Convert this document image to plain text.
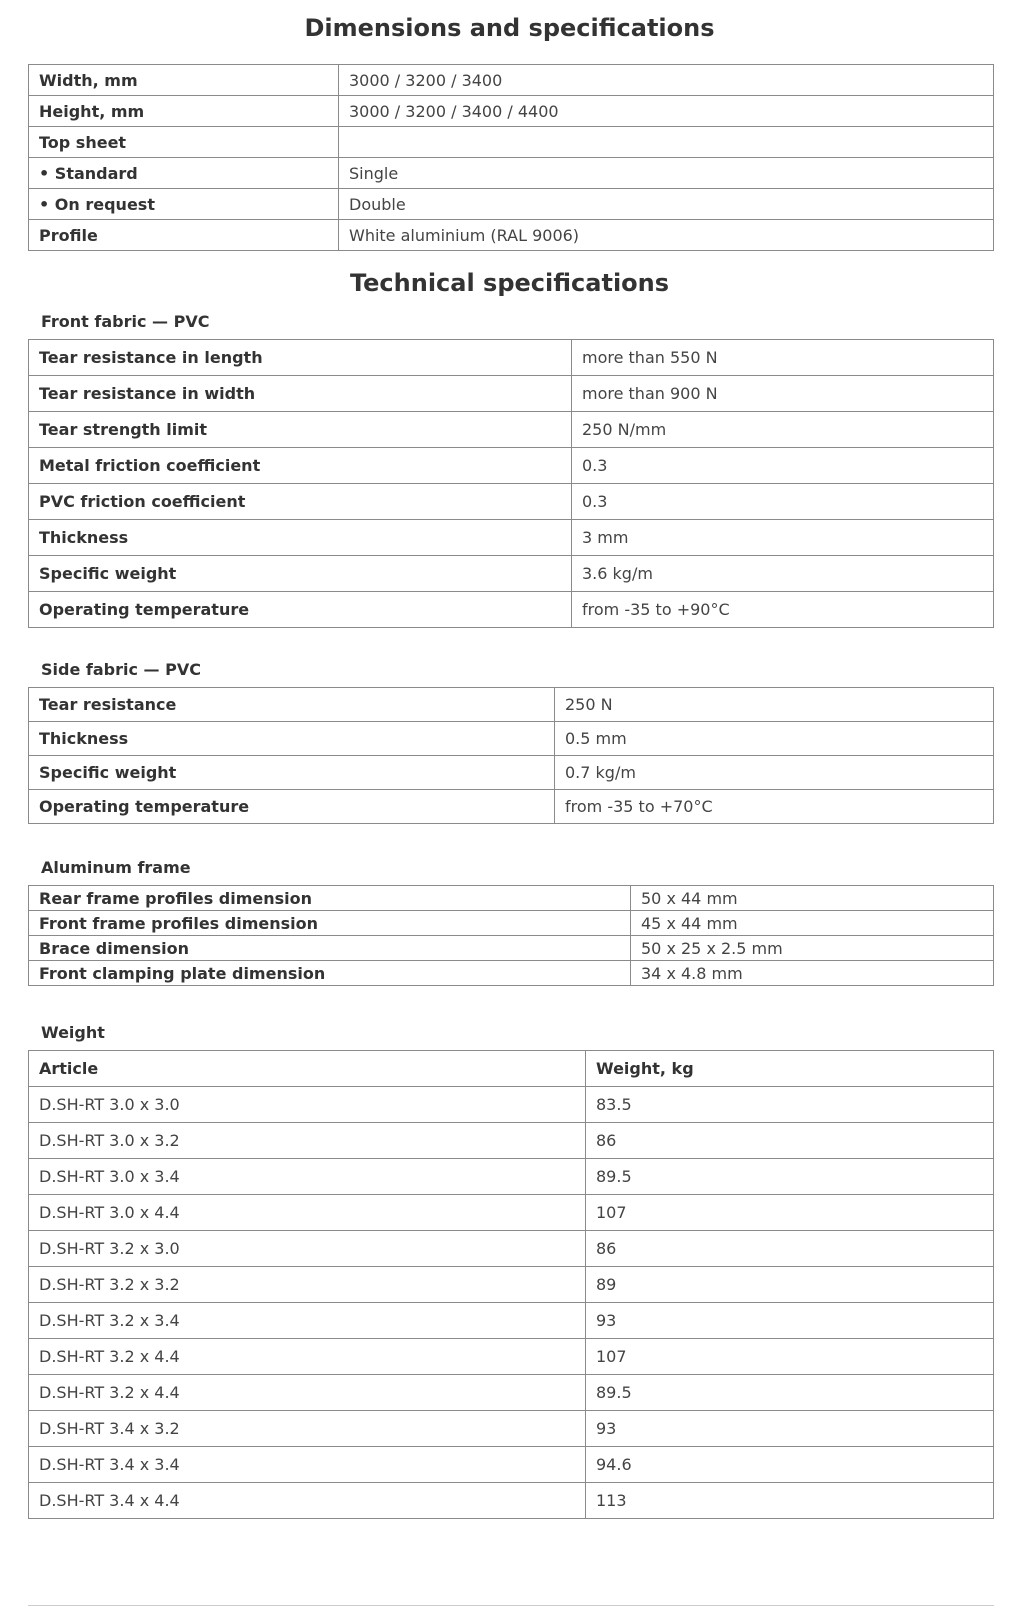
Dimensions and specifications
Width, mm	3000 / 3200 / 3400
Height, mm	3000 / 3200 / 3400 / 4400
Top sheet	
• Standard	Single
• On request	Double
Profile	White aluminium (RAL 9006)
Technical specifications
Front fabric — PVC
Tear resistance in length	more than 550 N
Tear resistance in width	more than 900 N
Tear strength limit	250 N/mm
Metal friction coefficient	0.3
PVC friction coefficient	0.3
Thickness	3 mm
Specific weight	3.6 kg/m
Operating temperature	from -35 to +90°C
Side fabric — PVC
Tear resistance	250 N
Thickness	0.5 mm
Specific weight	0.7 kg/m
Operating temperature	from -35 to +70°C
Aluminum frame
Rear frame profiles dimension	50 x 44 mm
Front frame profiles dimension	45 x 44 mm
Brace dimension	50 x 25 x 2.5 mm
Front clamping plate dimension	34 x 4.8 mm
Weight
Article	Weight, kg
D.SH-RT 3.0 x 3.0	83.5
D.SH-RT 3.0 x 3.2	86
D.SH-RT 3.0 x 3.4	89.5
D.SH-RT 3.0 x 4.4	107
D.SH-RT 3.2 x 3.0	86
D.SH-RT 3.2 x 3.2	89
D.SH-RT 3.2 x 3.4	93
D.SH-RT 3.2 x 4.4	107
D.SH-RT 3.2 x 4.4	89.5
D.SH-RT 3.4 x 3.2	93
D.SH-RT 3.4 x 3.4	94.6
D.SH-RT 3.4 x 4.4	113
